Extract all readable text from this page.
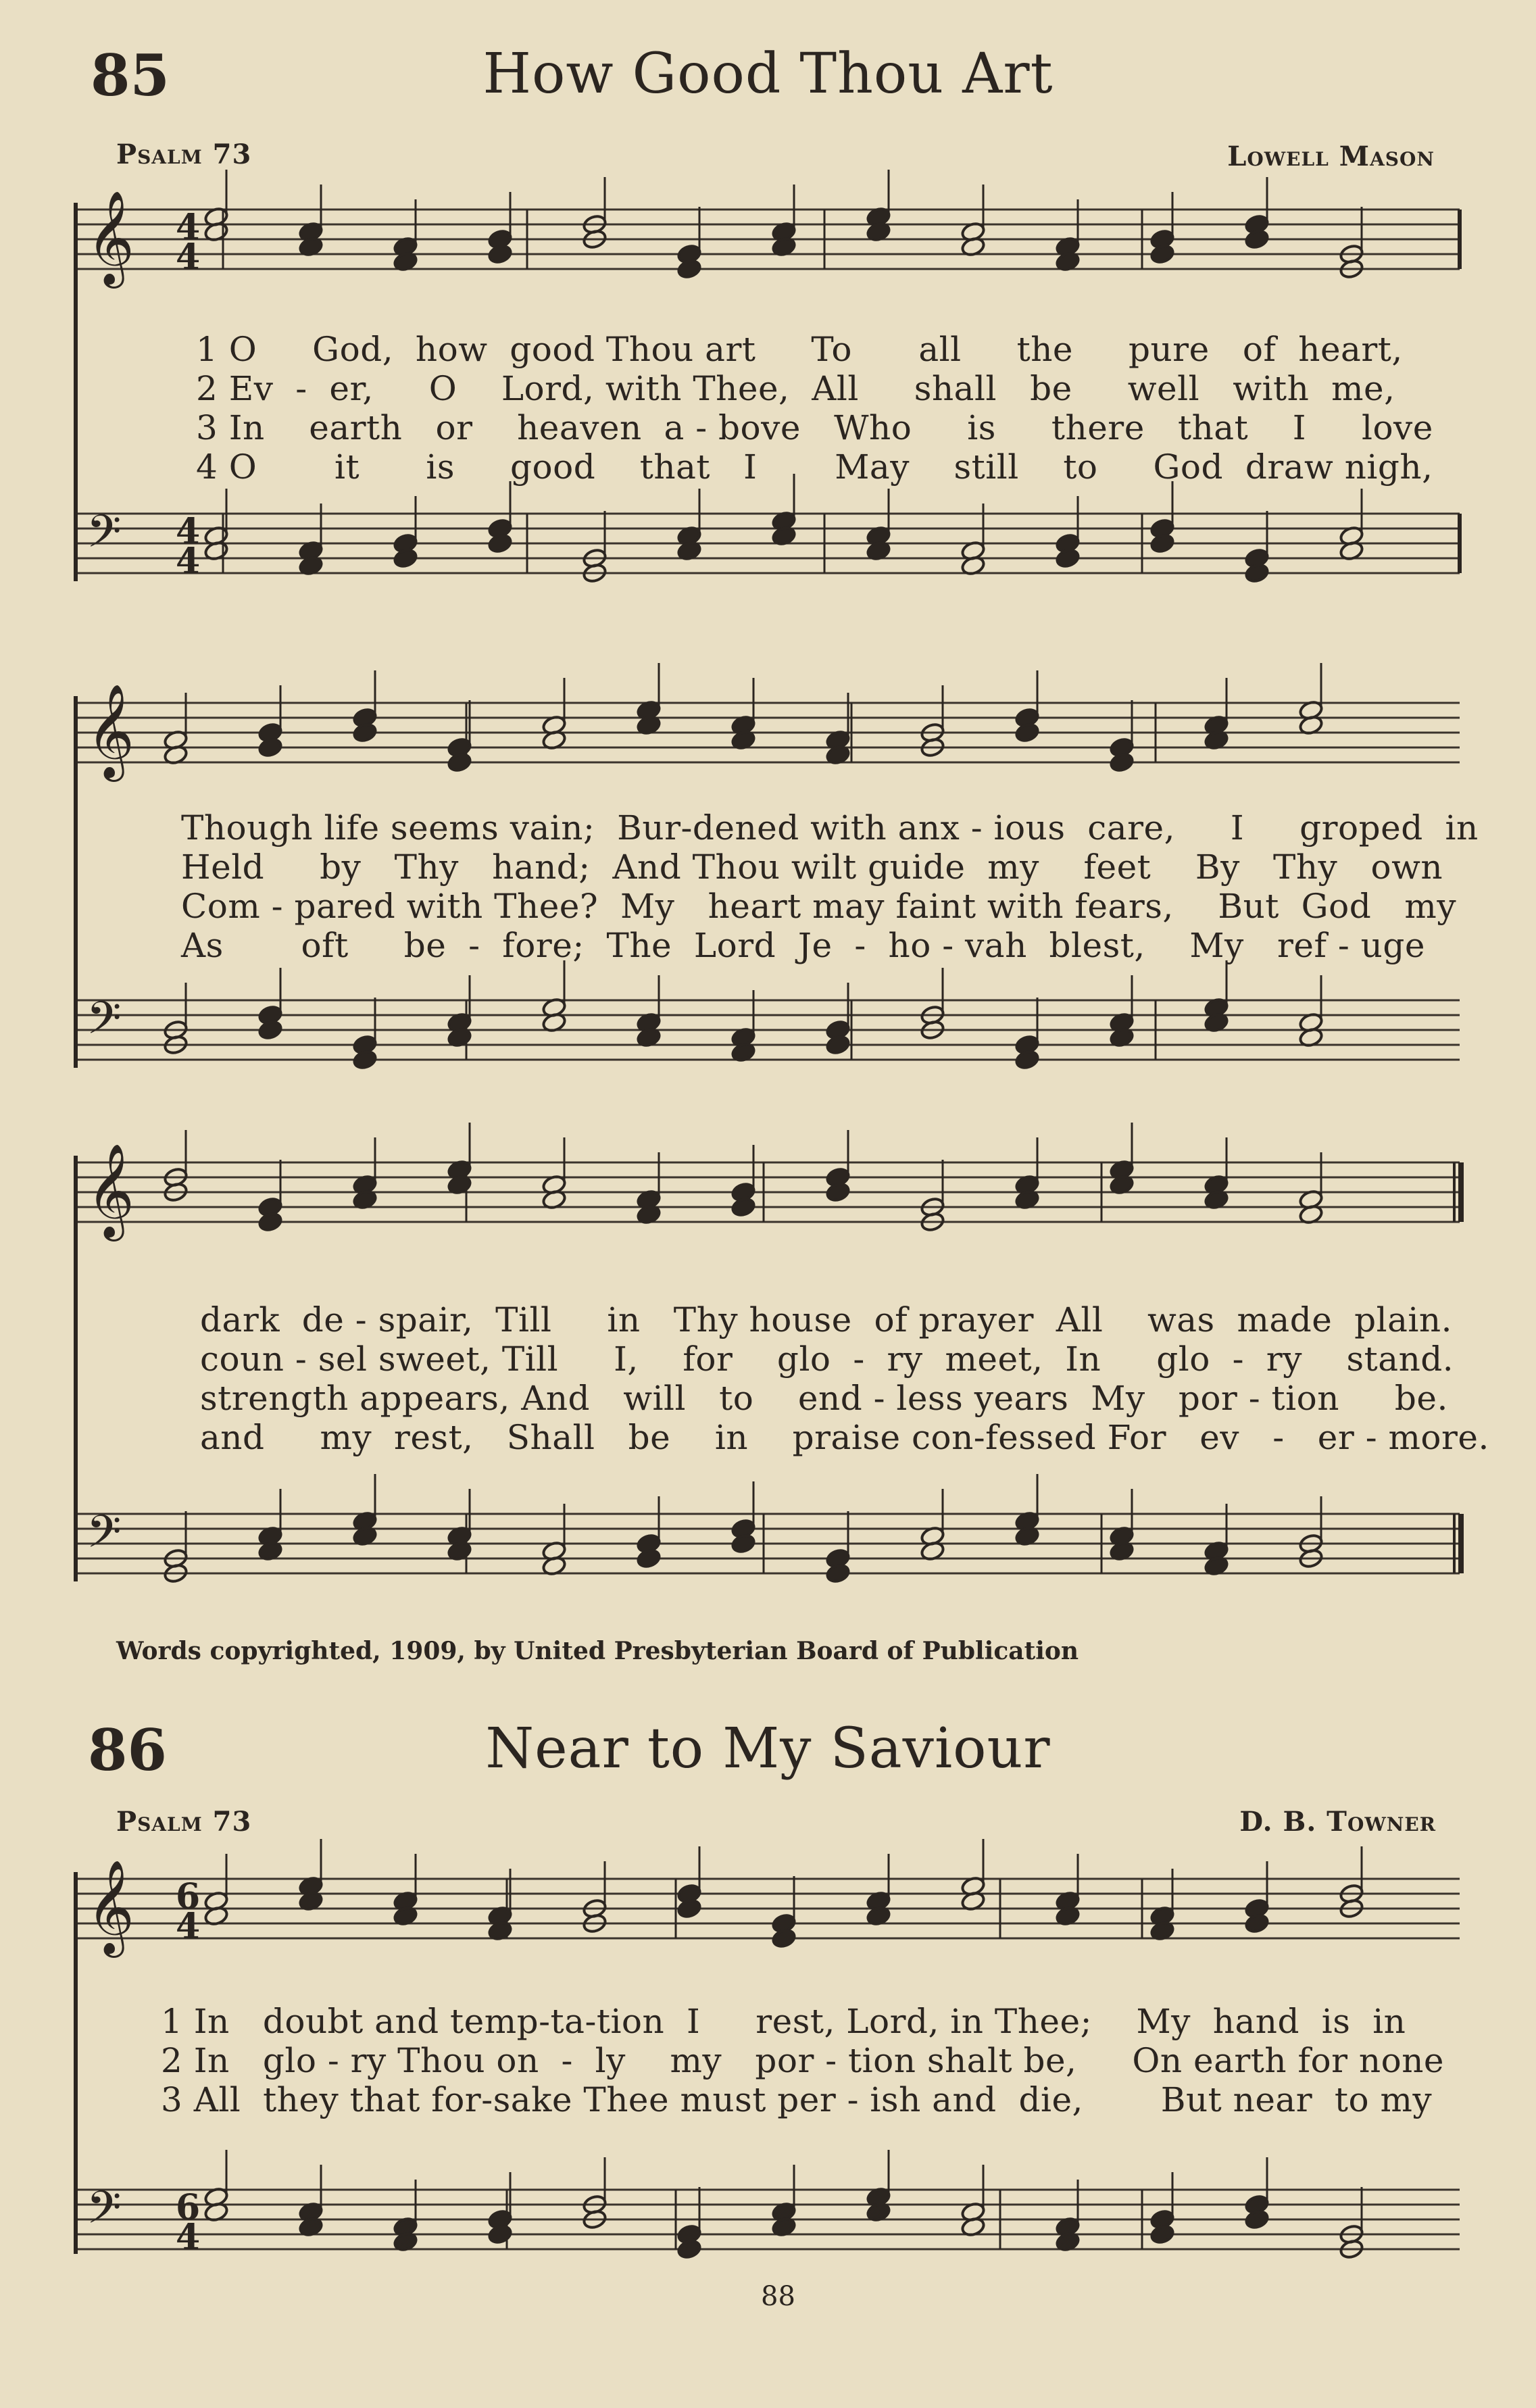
85	How Good Thou Art
Psalm 73	Lowell Mason
𝄞 4
4
𝄢 4
4
𝄞
𝄢
𝄞
𝄢
𝄞 6
4
𝄢 6
4
1 O     God,  how  good Thou art     To      all     the     pure   of  heart,
2 Ev  -  er,     O    Lord, with Thee,  All     shall   be     well   with  me,
3 In    earth   or    heaven  a - bove   Who     is     there   that    I     love
4 O       it      is     good    that   I       May    still    to     God  draw nigh,
Though life seems vain;  Bur-dened with anx - ious  care,     I     groped  in
Held     by   Thy   hand;  And Thou wilt guide  my    feet    By   Thy   own
Com - pared with Thee?  My   heart may faint with fears,    But  God   my
As       oft     be  -  fore;  The  Lord  Je  -  ho - vah  blest,    My   ref - uge
dark  de - spair,  Till     in   Thy house  of prayer  All    was  made  plain.
coun - sel sweet, Till     I,    for    glo  -  ry  meet,  In     glo  -  ry    stand.
strength appears, And   will   to    end - less years  My   por - tion     be.
and     my  rest,   Shall   be    in    praise con-fessed For   ev   -   er - more.
Words copyrighted, 1909, by United Presbyterian Board of Publication
86	Near to My Saviour
Psalm 73	D. B. Towner
1 In   doubt and temp-ta-tion  I     rest, Lord, in Thee;    My  hand  is  in
2 In   glo - ry Thou on  -  ly    my   por - tion shalt be,     On earth for none
3 All  they that for-sake Thee must per - ish and  die,       But near  to my
88
